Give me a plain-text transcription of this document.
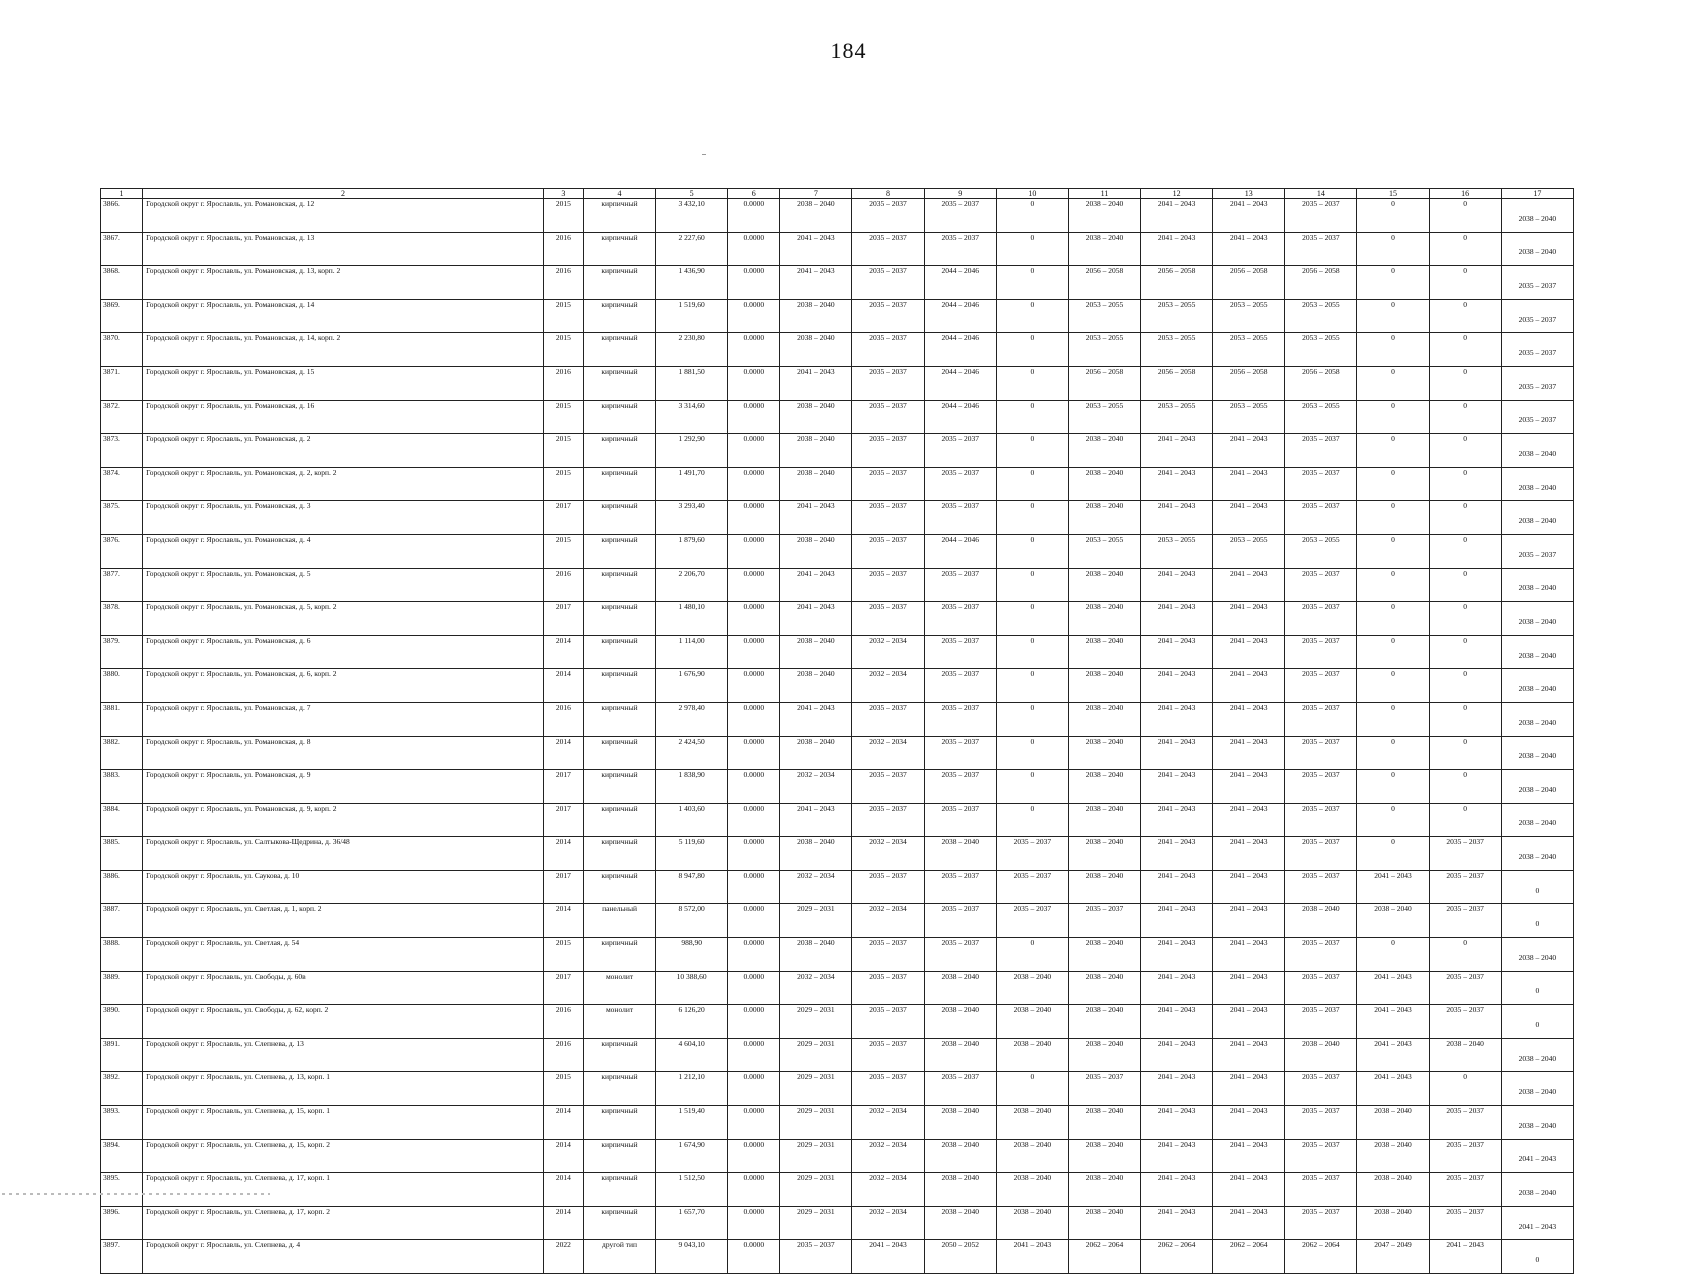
184
1	2	3	4	5	6	7	8	9	10	11	12	13	14	15	16	17
3866.	Городской округ г. Ярославль, ул. Романовская, д. 12	2015	кирпичный	3 432,10	0.0000	2038 – 2040	2035 – 2037	2035 – 2037	0	2038 – 2040	2041 – 2043	2041 – 2043	2035 – 2037	0	0	2038 – 2040
3867.	Городской округ г. Ярославль, ул. Романовская, д. 13	2016	кирпичный	2 227,60	0.0000	2041 – 2043	2035 – 2037	2035 – 2037	0	2038 – 2040	2041 – 2043	2041 – 2043	2035 – 2037	0	0	2038 – 2040
3868.	Городской округ г. Ярославль, ул. Романовская, д. 13, корп. 2	2016	кирпичный	1 436,90	0.0000	2041 – 2043	2035 – 2037	2044 – 2046	0	2056 – 2058	2056 – 2058	2056 – 2058	2056 – 2058	0	0	2035 – 2037
3869.	Городской округ г. Ярославль, ул. Романовская, д. 14	2015	кирпичный	1 519,60	0.0000	2038 – 2040	2035 – 2037	2044 – 2046	0	2053 – 2055	2053 – 2055	2053 – 2055	2053 – 2055	0	0	2035 – 2037
3870.	Городской округ г. Ярославль, ул. Романовская, д. 14, корп. 2	2015	кирпичный	2 230,80	0.0000	2038 – 2040	2035 – 2037	2044 – 2046	0	2053 – 2055	2053 – 2055	2053 – 2055	2053 – 2055	0	0	2035 – 2037
3871.	Городской округ г. Ярославль, ул. Романовская, д. 15	2016	кирпичный	1 881,50	0.0000	2041 – 2043	2035 – 2037	2044 – 2046	0	2056 – 2058	2056 – 2058	2056 – 2058	2056 – 2058	0	0	2035 – 2037
3872.	Городской округ г. Ярославль, ул. Романовская, д. 16	2015	кирпичный	3 314,60	0.0000	2038 – 2040	2035 – 2037	2044 – 2046	0	2053 – 2055	2053 – 2055	2053 – 2055	2053 – 2055	0	0	2035 – 2037
3873.	Городской округ г. Ярославль, ул. Романовская, д. 2	2015	кирпичный	1 292,90	0.0000	2038 – 2040	2035 – 2037	2035 – 2037	0	2038 – 2040	2041 – 2043	2041 – 2043	2035 – 2037	0	0	2038 – 2040
3874.	Городской округ г. Ярославль, ул. Романовская, д. 2, корп. 2	2015	кирпичный	1 491,70	0.0000	2038 – 2040	2035 – 2037	2035 – 2037	0	2038 – 2040	2041 – 2043	2041 – 2043	2035 – 2037	0	0	2038 – 2040
3875.	Городской округ г. Ярославль, ул. Романовская, д. 3	2017	кирпичный	3 293,40	0.0000	2041 – 2043	2035 – 2037	2035 – 2037	0	2038 – 2040	2041 – 2043	2041 – 2043	2035 – 2037	0	0	2038 – 2040
3876.	Городской округ г. Ярославль, ул. Романовская, д. 4	2015	кирпичный	1 879,60	0.0000	2038 – 2040	2035 – 2037	2044 – 2046	0	2053 – 2055	2053 – 2055	2053 – 2055	2053 – 2055	0	0	2035 – 2037
3877.	Городской округ г. Ярославль, ул. Романовская, д. 5	2016	кирпичный	2 206,70	0.0000	2041 – 2043	2035 – 2037	2035 – 2037	0	2038 – 2040	2041 – 2043	2041 – 2043	2035 – 2037	0	0	2038 – 2040
3878.	Городской округ г. Ярославль, ул. Романовская, д. 5, корп. 2	2017	кирпичный	1 480,10	0.0000	2041 – 2043	2035 – 2037	2035 – 2037	0	2038 – 2040	2041 – 2043	2041 – 2043	2035 – 2037	0	0	2038 – 2040
3879.	Городской округ г. Ярославль, ул. Романовская, д. 6	2014	кирпичный	1 114,00	0.0000	2038 – 2040	2032 – 2034	2035 – 2037	0	2038 – 2040	2041 – 2043	2041 – 2043	2035 – 2037	0	0	2038 – 2040
3880.	Городской округ г. Ярославль, ул. Романовская, д. 6, корп. 2	2014	кирпичный	1 676,90	0.0000	2038 – 2040	2032 – 2034	2035 – 2037	0	2038 – 2040	2041 – 2043	2041 – 2043	2035 – 2037	0	0	2038 – 2040
3881.	Городской округ г. Ярославль, ул. Романовская, д. 7	2016	кирпичный	2 978,40	0.0000	2041 – 2043	2035 – 2037	2035 – 2037	0	2038 – 2040	2041 – 2043	2041 – 2043	2035 – 2037	0	0	2038 – 2040
3882.	Городской округ г. Ярославль, ул. Романовская, д. 8	2014	кирпичный	2 424,50	0.0000	2038 – 2040	2032 – 2034	2035 – 2037	0	2038 – 2040	2041 – 2043	2041 – 2043	2035 – 2037	0	0	2038 – 2040
3883.	Городской округ г. Ярославль, ул. Романовская, д. 9	2017	кирпичный	1 838,90	0.0000	2032 – 2034	2035 – 2037	2035 – 2037	0	2038 – 2040	2041 – 2043	2041 – 2043	2035 – 2037	0	0	2038 – 2040
3884.	Городской округ г. Ярославль, ул. Романовская, д. 9, корп. 2	2017	кирпичный	1 403,60	0.0000	2041 – 2043	2035 – 2037	2035 – 2037	0	2038 – 2040	2041 – 2043	2041 – 2043	2035 – 2037	0	0	2038 – 2040
3885.	Городской округ г. Ярославль, ул. Салтыкова-Щедрина, д. 36/48	2014	кирпичный	5 119,60	0.0000	2038 – 2040	2032 – 2034	2038 – 2040	2035 – 2037	2038 – 2040	2041 – 2043	2041 – 2043	2035 – 2037	0	2035 – 2037	2038 – 2040
3886.	Городской округ г. Ярославль, ул. Саукова, д. 10	2017	кирпичный	8 947,80	0.0000	2032 – 2034	2035 – 2037	2035 – 2037	2035 – 2037	2038 – 2040	2041 – 2043	2041 – 2043	2035 – 2037	2041 – 2043	2035 – 2037	0
3887.	Городской округ г. Ярославль, ул. Светлая, д. 1, корп. 2	2014	панельный	8 572,00	0.0000	2029 – 2031	2032 – 2034	2035 – 2037	2035 – 2037	2035 – 2037	2041 – 2043	2041 – 2043	2038 – 2040	2038 – 2040	2035 – 2037	0
3888.	Городской округ г. Ярославль, ул. Светлая, д. 54	2015	кирпичный	988,90	0.0000	2038 – 2040	2035 – 2037	2035 – 2037	0	2038 – 2040	2041 – 2043	2041 – 2043	2035 – 2037	0	0	2038 – 2040
3889.	Городской округ г. Ярославль, ул. Свободы, д. 60в	2017	монолит	10 388,60	0.0000	2032 – 2034	2035 – 2037	2038 – 2040	2038 – 2040	2038 – 2040	2041 – 2043	2041 – 2043	2035 – 2037	2041 – 2043	2035 – 2037	0
3890.	Городской округ г. Ярославль, ул. Свободы, д. 62, корп. 2	2016	монолит	6 126,20	0.0000	2029 – 2031	2035 – 2037	2038 – 2040	2038 – 2040	2038 – 2040	2041 – 2043	2041 – 2043	2035 – 2037	2041 – 2043	2035 – 2037	0
3891.	Городской округ г. Ярославль, ул. Слепнева, д. 13	2016	кирпичный	4 604,10	0.0000	2029 – 2031	2035 – 2037	2038 – 2040	2038 – 2040	2038 – 2040	2041 – 2043	2041 – 2043	2038 – 2040	2041 – 2043	2038 – 2040	2038 – 2040
3892.	Городской округ г. Ярославль, ул. Слепнева, д. 13, корп. 1	2015	кирпичный	1 212,10	0.0000	2029 – 2031	2035 – 2037	2035 – 2037	0	2035 – 2037	2041 – 2043	2041 – 2043	2035 – 2037	2041 – 2043	0	2038 – 2040
3893.	Городской округ г. Ярославль, ул. Слепнева, д. 15, корп. 1	2014	кирпичный	1 519,40	0.0000	2029 – 2031	2032 – 2034	2038 – 2040	2038 – 2040	2038 – 2040	2041 – 2043	2041 – 2043	2035 – 2037	2038 – 2040	2035 – 2037	2038 – 2040
3894.	Городской округ г. Ярославль, ул. Слепнева, д. 15, корп. 2	2014	кирпичный	1 674,90	0.0000	2029 – 2031	2032 – 2034	2038 – 2040	2038 – 2040	2038 – 2040	2041 – 2043	2041 – 2043	2035 – 2037	2038 – 2040	2035 – 2037	2041 – 2043
3895.	Городской округ г. Ярославль, ул. Слепнева, д. 17, корп. 1	2014	кирпичный	1 512,50	0.0000	2029 – 2031	2032 – 2034	2038 – 2040	2038 – 2040	2038 – 2040	2041 – 2043	2041 – 2043	2035 – 2037	2038 – 2040	2035 – 2037	2038 – 2040
3896.	Городской округ г. Ярославль, ул. Слепнева, д. 17, корп. 2	2014	кирпичный	1 657,70	0.0000	2029 – 2031	2032 – 2034	2038 – 2040	2038 – 2040	2038 – 2040	2041 – 2043	2041 – 2043	2035 – 2037	2038 – 2040	2035 – 2037	2041 – 2043
3897.	Городской округ г. Ярославль, ул. Слепнева, д. 4	2022	другой тип	9 043,10	0.0000	2035 – 2037	2041 – 2043	2050 – 2052	2041 – 2043	2062 – 2064	2062 – 2064	2062 – 2064	2062 – 2064	2047 – 2049	2041 – 2043	0
